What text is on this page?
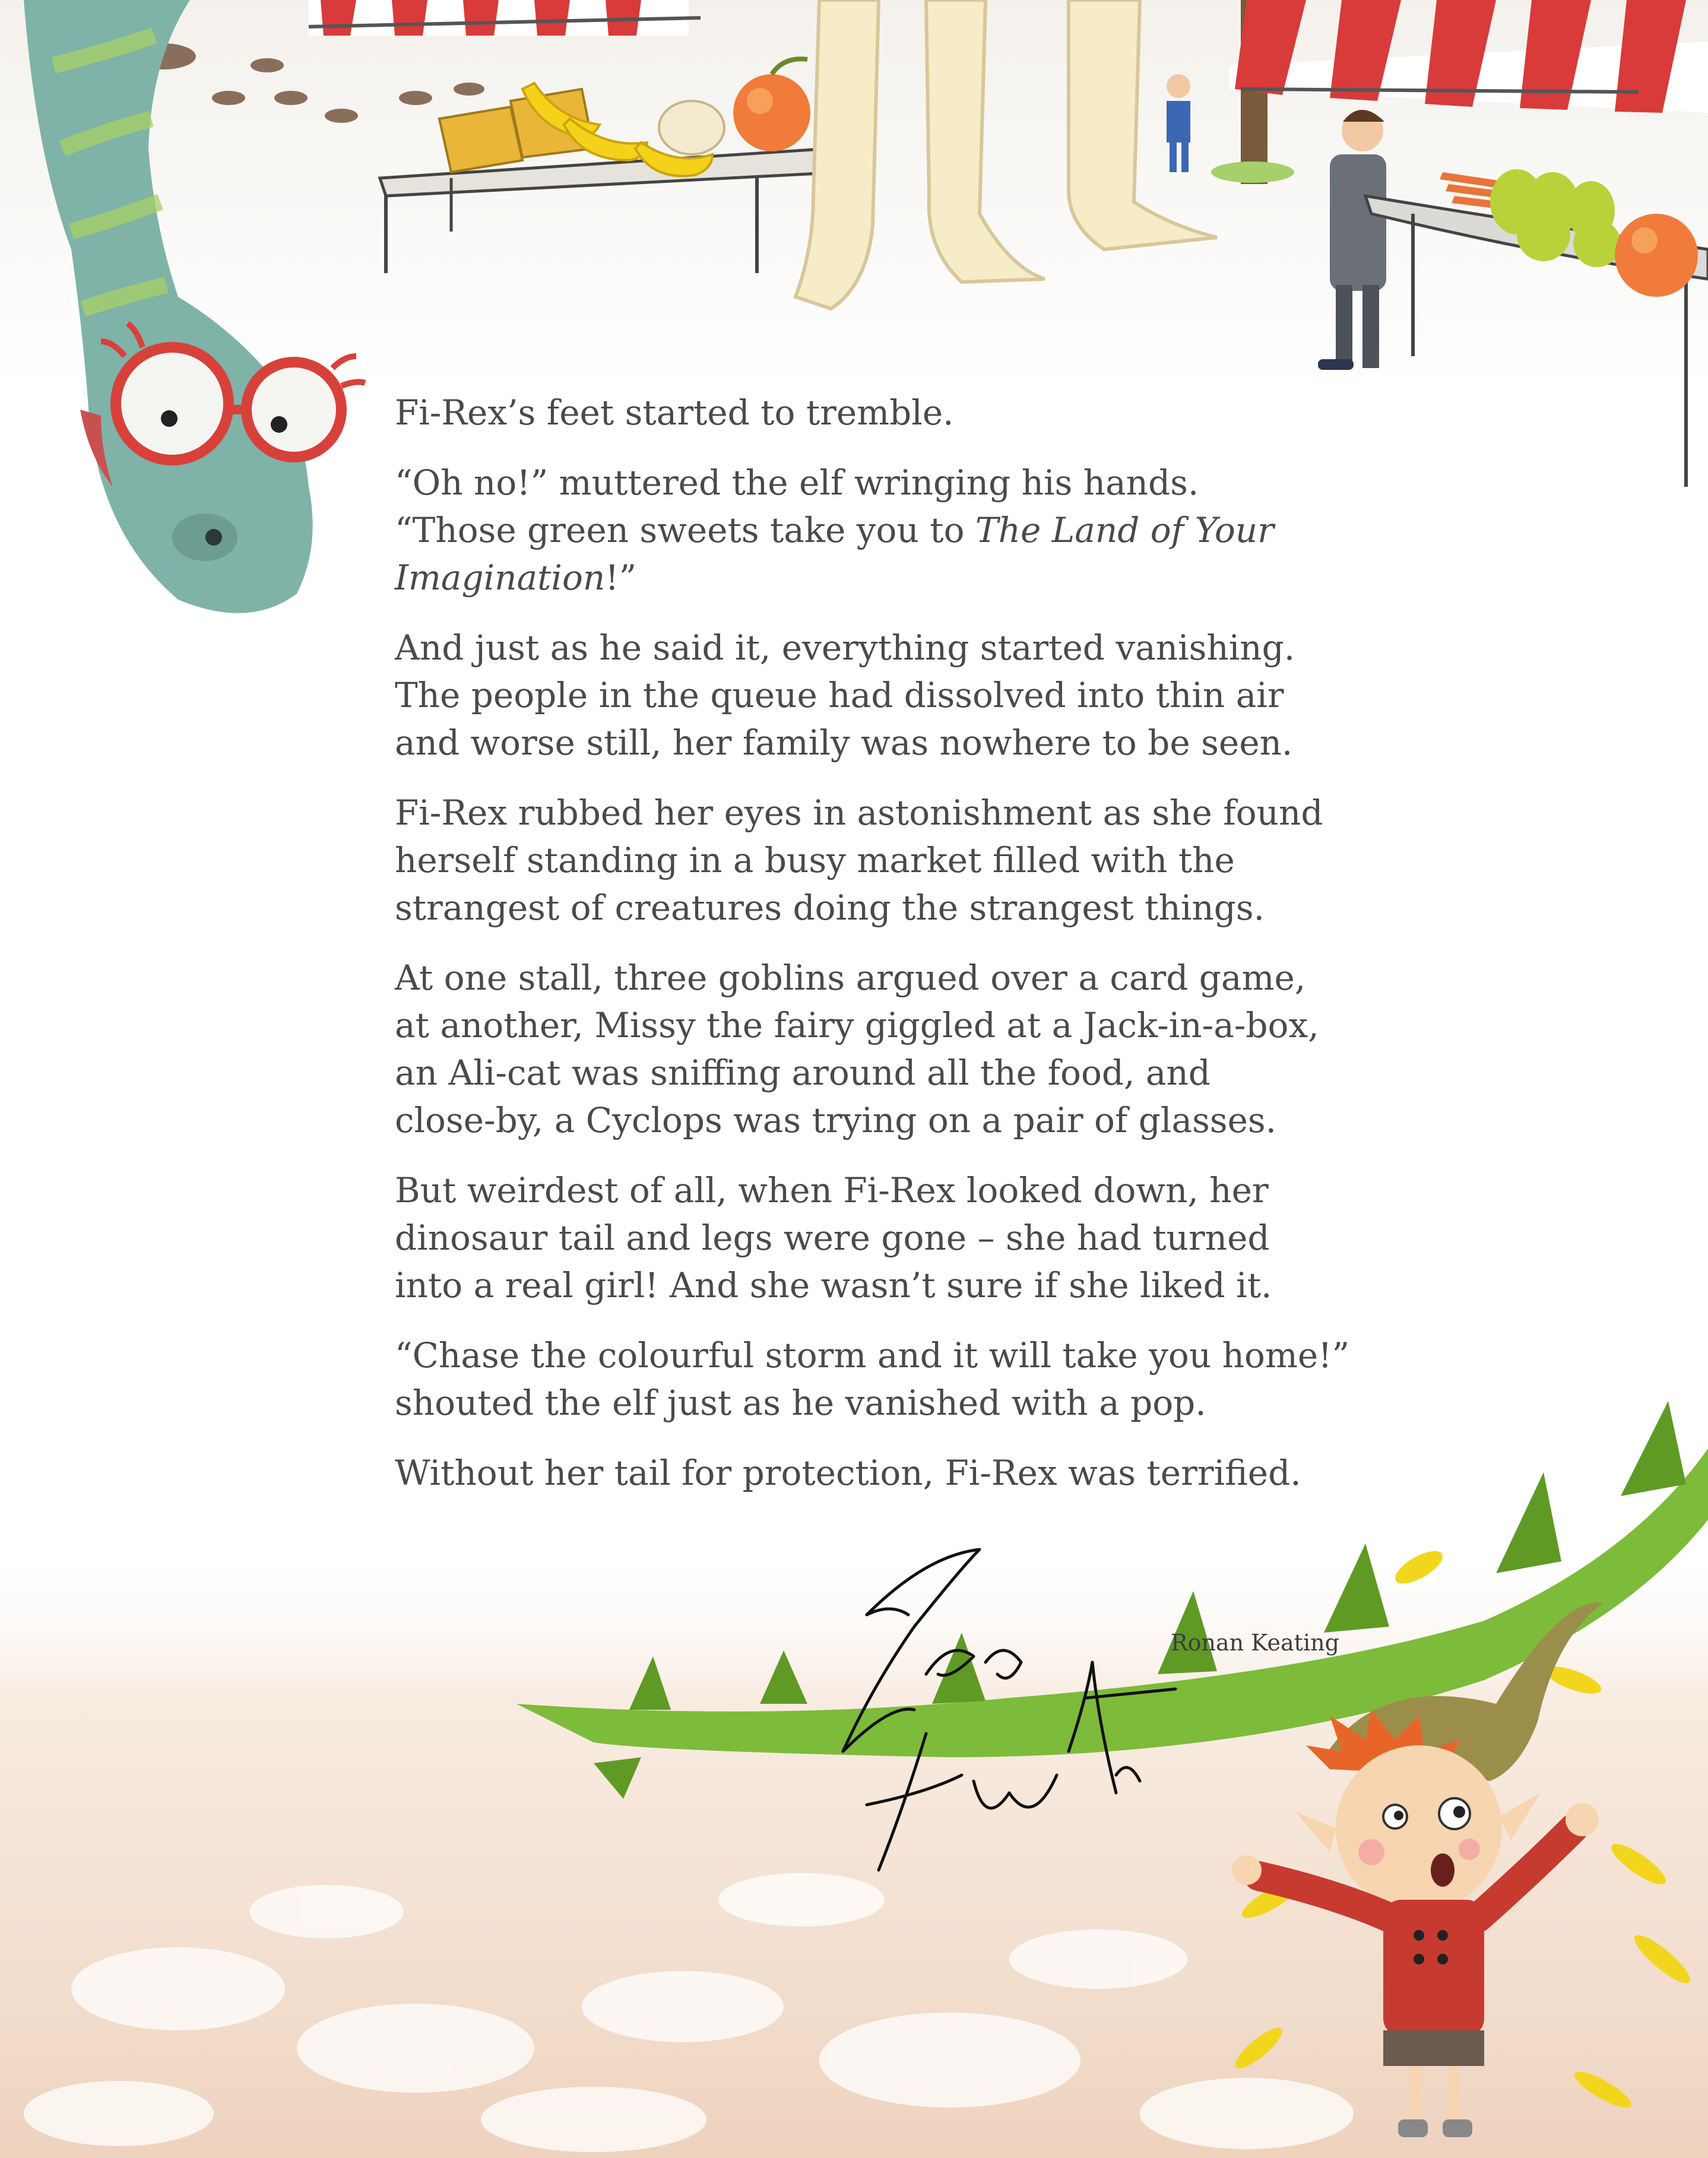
Fi-Rex’s feet started to tremble.

“Oh no!” muttered the elf wringing his hands.
“Those green sweets take you to The Land of Your
Imagination!”

And just as he said it, everything started vanishing.
The people in the queue had dissolved into thin air
and worse still, her family was nowhere to be seen.

Fi-Rex rubbed her eyes in astonishment as she found
herself standing in a busy market filled with the
strangest of creatures doing the strangest things.

At one stall, three goblins argued over a card game,
at another, Missy the fairy giggled at a Jack-in-a-box,
an Ali-cat was sniffing around all the food, and
close-by, a Cyclops was trying on a pair of glasses.

But weirdest of all, when Fi-Rex looked down, her
dinosaur tail and legs were gone – she had turned
into a real girl! And she wasn’t sure if she liked it.

“Chase the colourful storm and it will take you home!”
shouted the elf just as he vanished with a pop.

Without her tail for protection, Fi-Rex was terrified.

Ronan Keating
